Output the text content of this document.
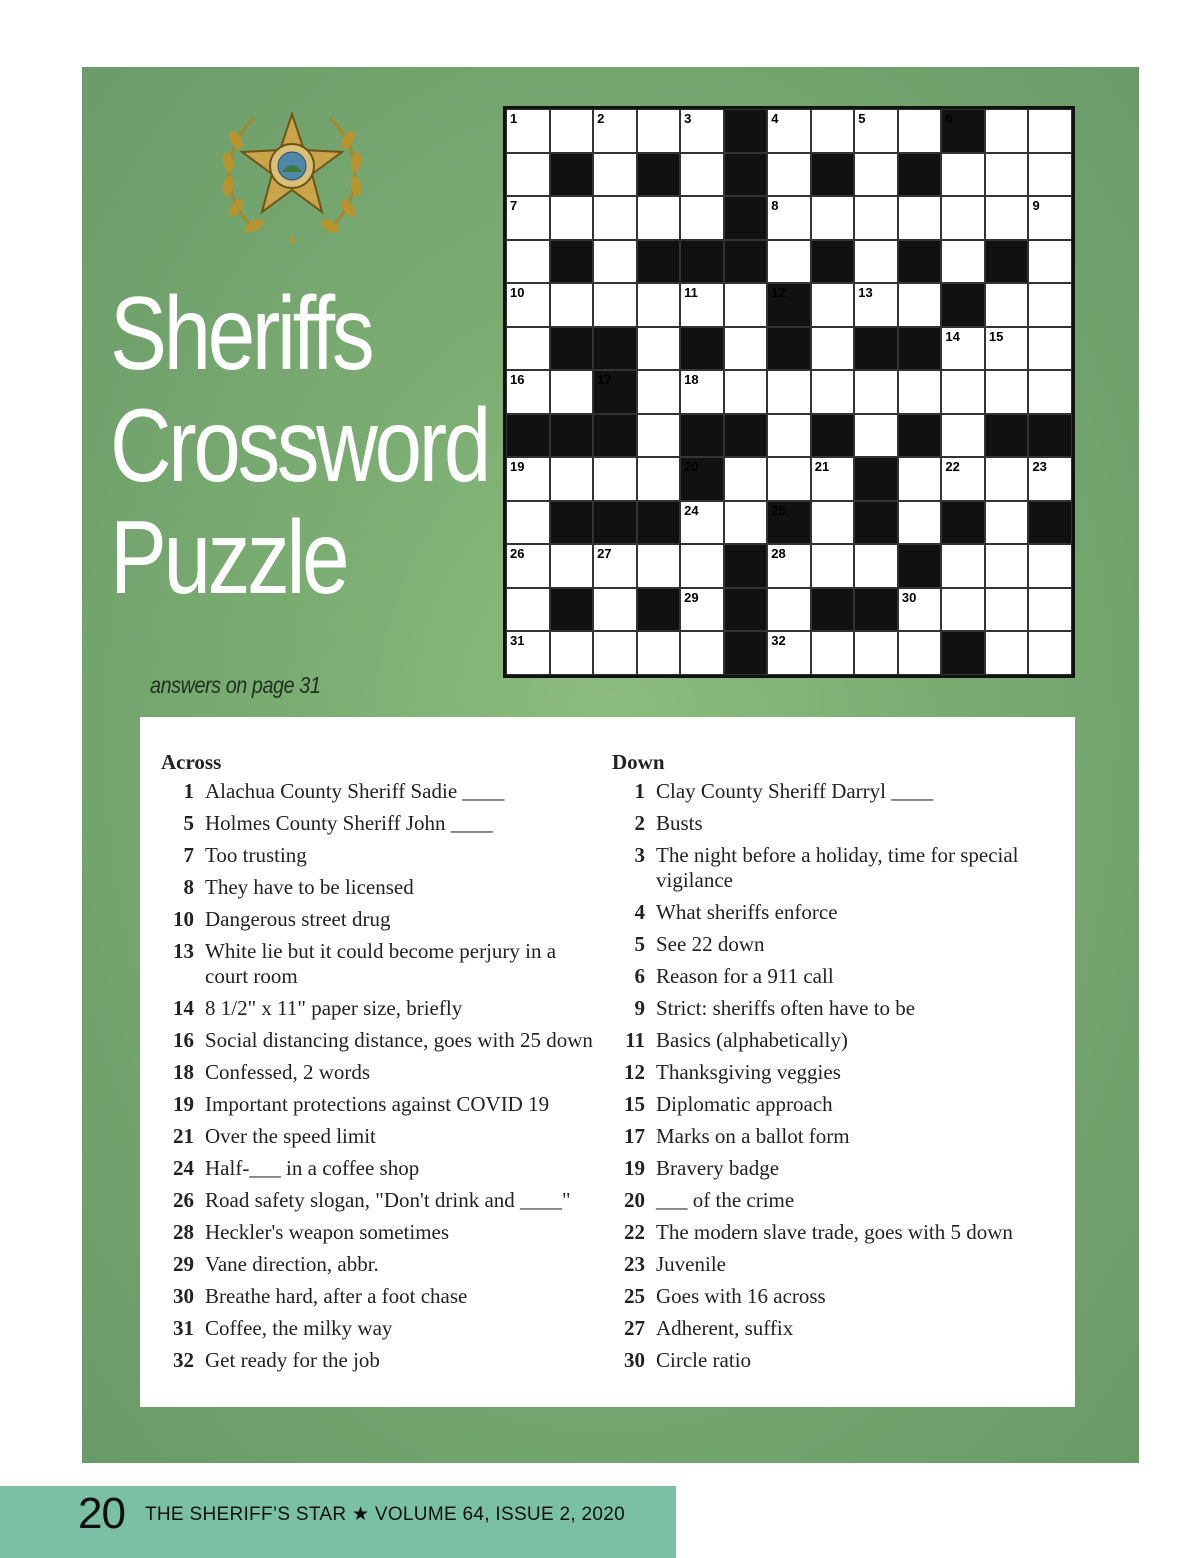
Sheriffs
Crossword
Puzzle
answers on page 31
1	2	3	4	5	6
7	8	9
10	11	12	13
14 15
16	17	18
19	20	21	22	23
24	25
26	27	28
29	30
31	32
Across
1 Alachua County Sheriff Sadie ____
5 Holmes County Sheriff John ____
7 Too trusting
8 They have to be licensed
10 Dangerous street drug
13 White lie but it could become perjury in a court room
14 8 1/2" x 11" paper size, briefly
16 Social distancing distance, goes with 25 down
18 Confessed, 2 words
19 Important protections against COVID 19
21 Over the speed limit
24 Half-___ in a coffee shop
26 Road safety slogan, "Don't drink and ____"
28 Heckler's weapon sometimes
29 Vane direction, abbr.
30 Breathe hard, after a foot chase
31 Coffee, the milky way
32 Get ready for the job
Down
1 Clay County Sheriff Darryl ____
2 Busts
3 The night before a holiday, time for special vigilance
4 What sheriffs enforce
5 See 22 down
6 Reason for a 911 call
9 Strict: sheriffs often have to be
11 Basics (alphabetically)
12 Thanksgiving veggies
15 Diplomatic approach
17 Marks on a ballot form
19 Bravery badge
20 ___ of the crime
22 The modern slave trade, goes with 5 down
23 Juvenile
25 Goes with 16 across
27 Adherent, suffix
30 Circle ratio
20 THE SHERIFF’S STAR ★ VOLUME 64, ISSUE 2, 2020
